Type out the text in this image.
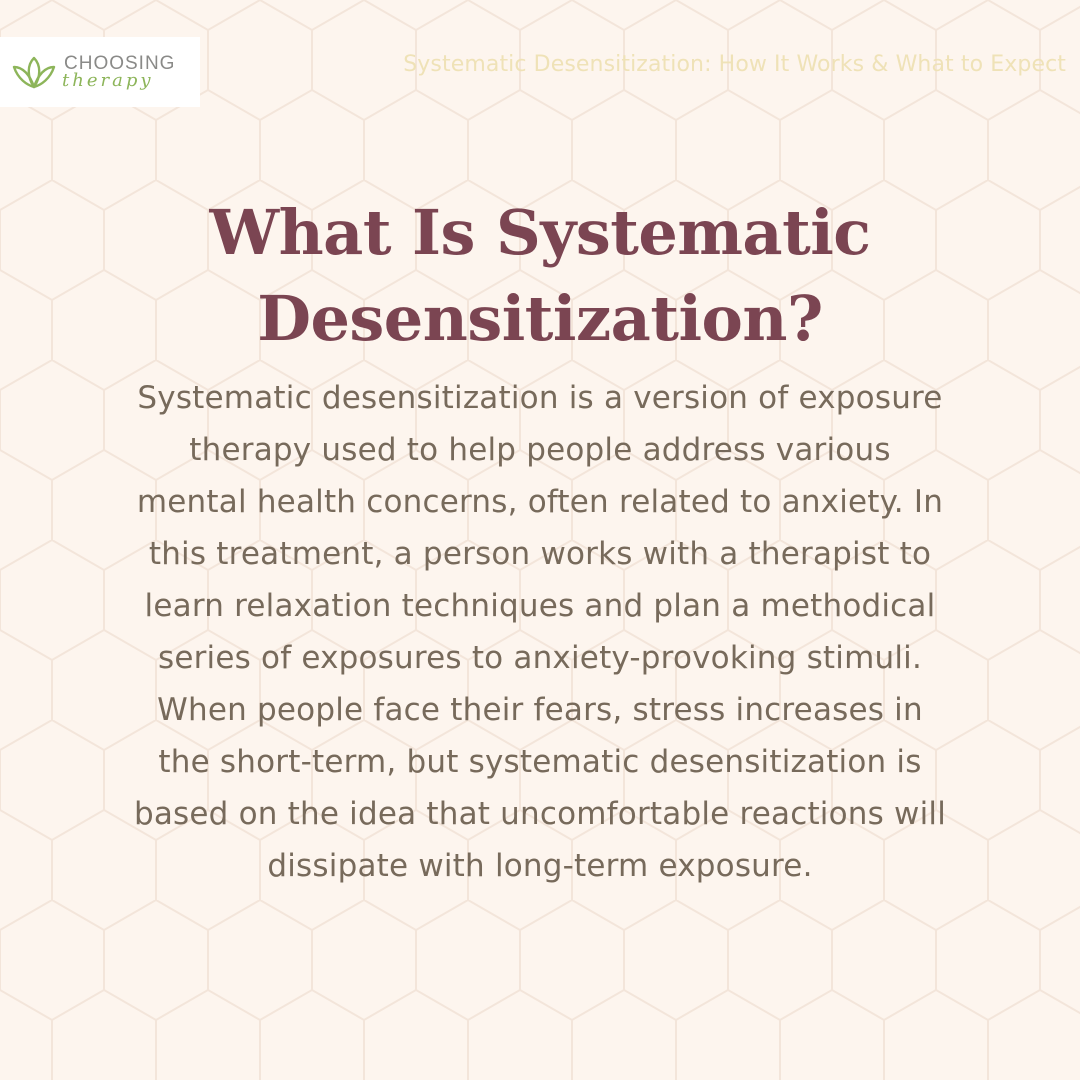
CHOOSING
therapy
Systematic Desensitization: How It Works & What to Expect
What Is Systematic Desensitization?

Systematic desensitization is a version of exposure therapy used to help people address various mental health concerns, often related to anxiety. In this treatment, a person works with a therapist to learn relaxation techniques and plan a methodical series of exposures to anxiety-provoking stimuli. When people face their fears, stress increases in the short-term, but systematic desensitization is based on the idea that uncomfortable reactions will dissipate with long-term exposure.
